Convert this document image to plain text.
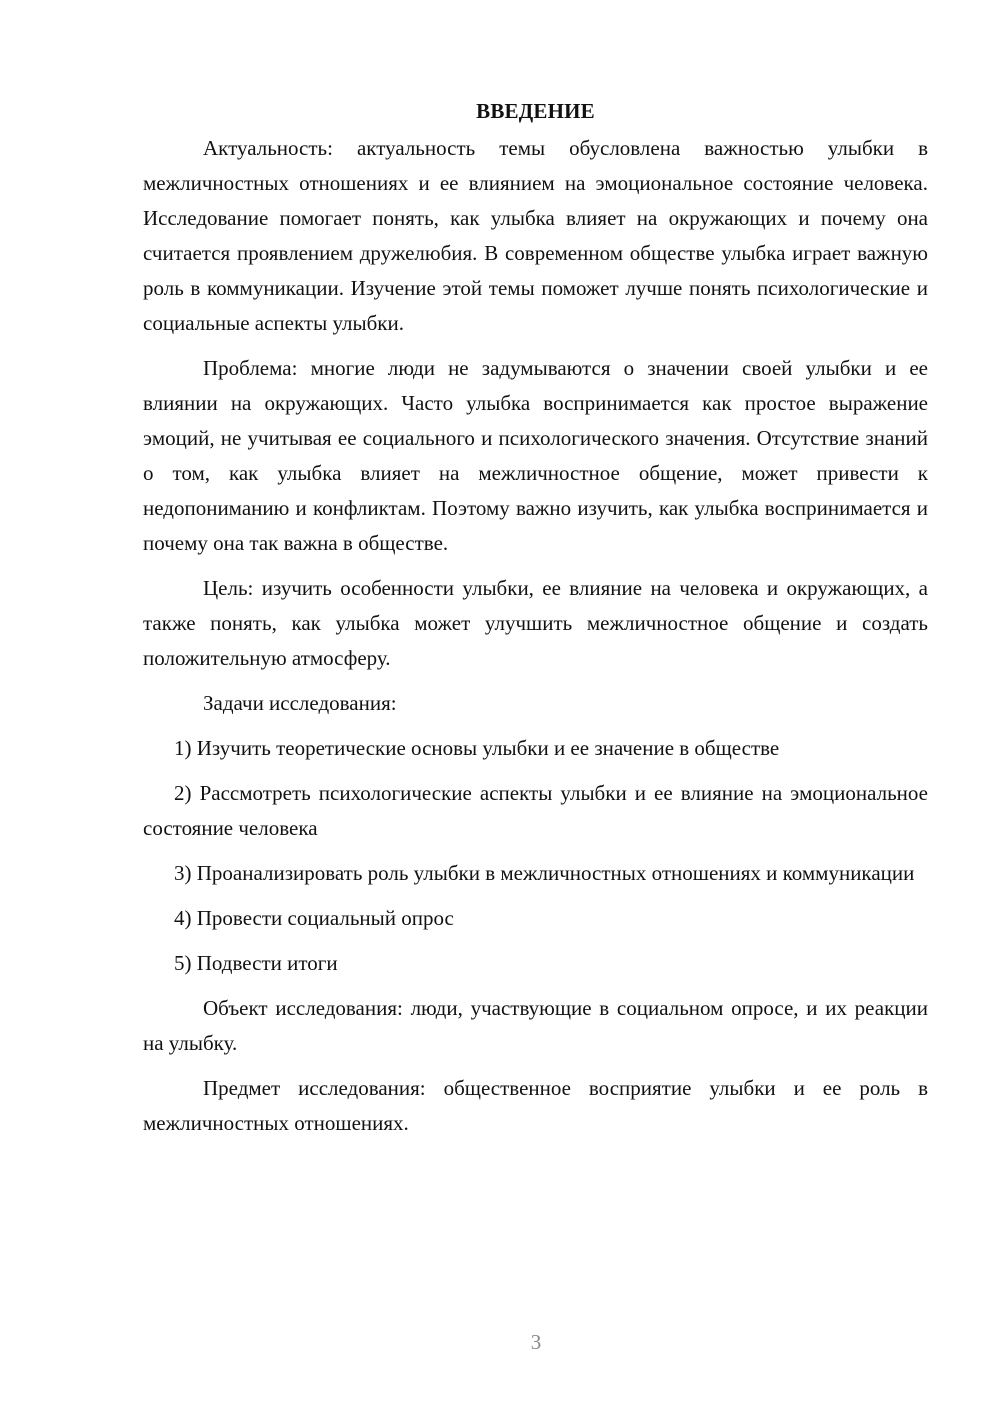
ВВЕДЕНИЕ

Актуальность: актуальность темы обусловлена важностью улыбки в межличностных отношениях и ее влиянием на эмоциональное состояние человека. Исследование помогает понять, как улыбка влияет на окружающих и почему она считается проявлением дружелюбия. В современном обществе улыбка играет важную роль в коммуникации. Изучение этой темы поможет лучше понять психологические и социальные аспекты улыбки.

Проблема: многие люди не задумываются о значении своей улыбки и ее влиянии на окружающих. Часто улыбка воспринимается как простое выражение эмоций, не учитывая ее социального и психологического значения. Отсутствие знаний о том, как улыбка влияет на межличностное общение, может привести к недопониманию и конфликтам. Поэтому важно изучить, как улыбка воспринимается и почему она так важна в обществе.

Цель: изучить особенности улыбки, ее влияние на человека и окружающих, а также понять, как улыбка может улучшить межличностное общение и создать положительную атмосферу.

Задачи исследования:

1) Изучить теоретические основы улыбки и ее значение в обществе

2) Рассмотреть психологические аспекты улыбки и ее влияние на эмоциональное состояние человека

3) Проанализировать роль улыбки в межличностных отношениях и коммуникации

4) Провести социальный опрос

5) Подвести итоги

Объект исследования: люди, участвующие в социальном опросе, и их реакции на улыбку.

Предмет исследования: общественное восприятие улыбки и ее роль в межличностных отношениях.

3
